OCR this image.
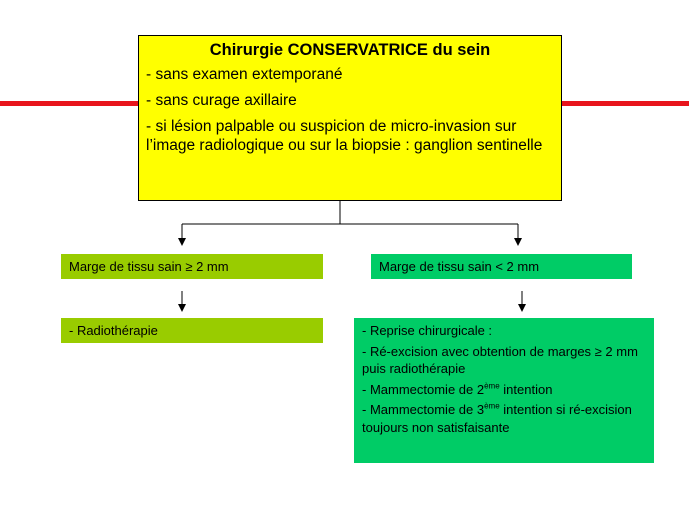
Chirurgie CONSERVATRICE du sein
- sans examen extemporané
- sans curage axillaire
- si lésion palpable ou suspicion de micro-invasion sur l’image radiologique ou sur la biopsie : ganglion sentinelle
Marge de tissu sain ≥ 2 mm	Marge de tissu sain < 2 mm
- Radiothérapie	- Reprise chirurgicale :
- Ré-excision avec obtention de marges ≥ 2 mm puis radiothérapie
- Mammectomie de 2ème intention
- Mammectomie de 3ème intention si ré-excision toujours non satisfaisante
